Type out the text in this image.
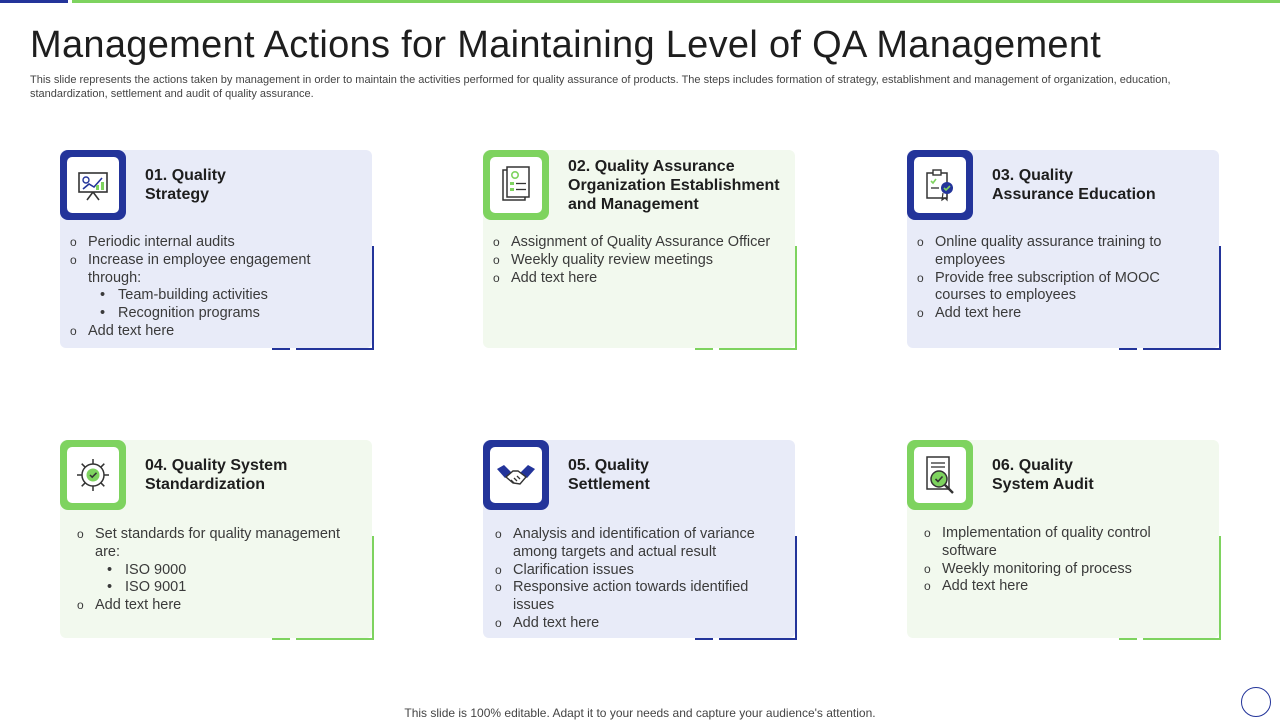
Management Actions for Maintaining Level of QA Management

This slide represents the actions taken by management in order to maintain the activities performed for quality assurance of products. The steps includes formation of strategy, establishment and management of organization, education, standardization, settlement and audit of quality assurance.

01. Quality
Strategy
o Periodic internal audits
o Increase in employee engagement through:
• Team-building activities
• Recognition programs
o Add text here
02. Quality Assurance
Organization Establishment
and Management
o Assignment of Quality Assurance Officer
o Weekly quality review meetings
o Add text here
03. Quality
Assurance Education
o Online quality assurance training to employees
o Provide free subscription of MOOC courses to employees
o Add text here
04. Quality System
Standardization
o Set standards for quality management are:
• ISO 9000
• ISO 9001
o Add text here
05. Quality
Settlement
o Analysis and identification of variance among targets and actual result
o Clarification issues
o Responsive action towards identified issues
o Add text here
06. Quality
System Audit
o Implementation of quality control software
o Weekly monitoring of process
o Add text here
This slide is 100% editable. Adapt it to your needs and capture your audience's attention.
